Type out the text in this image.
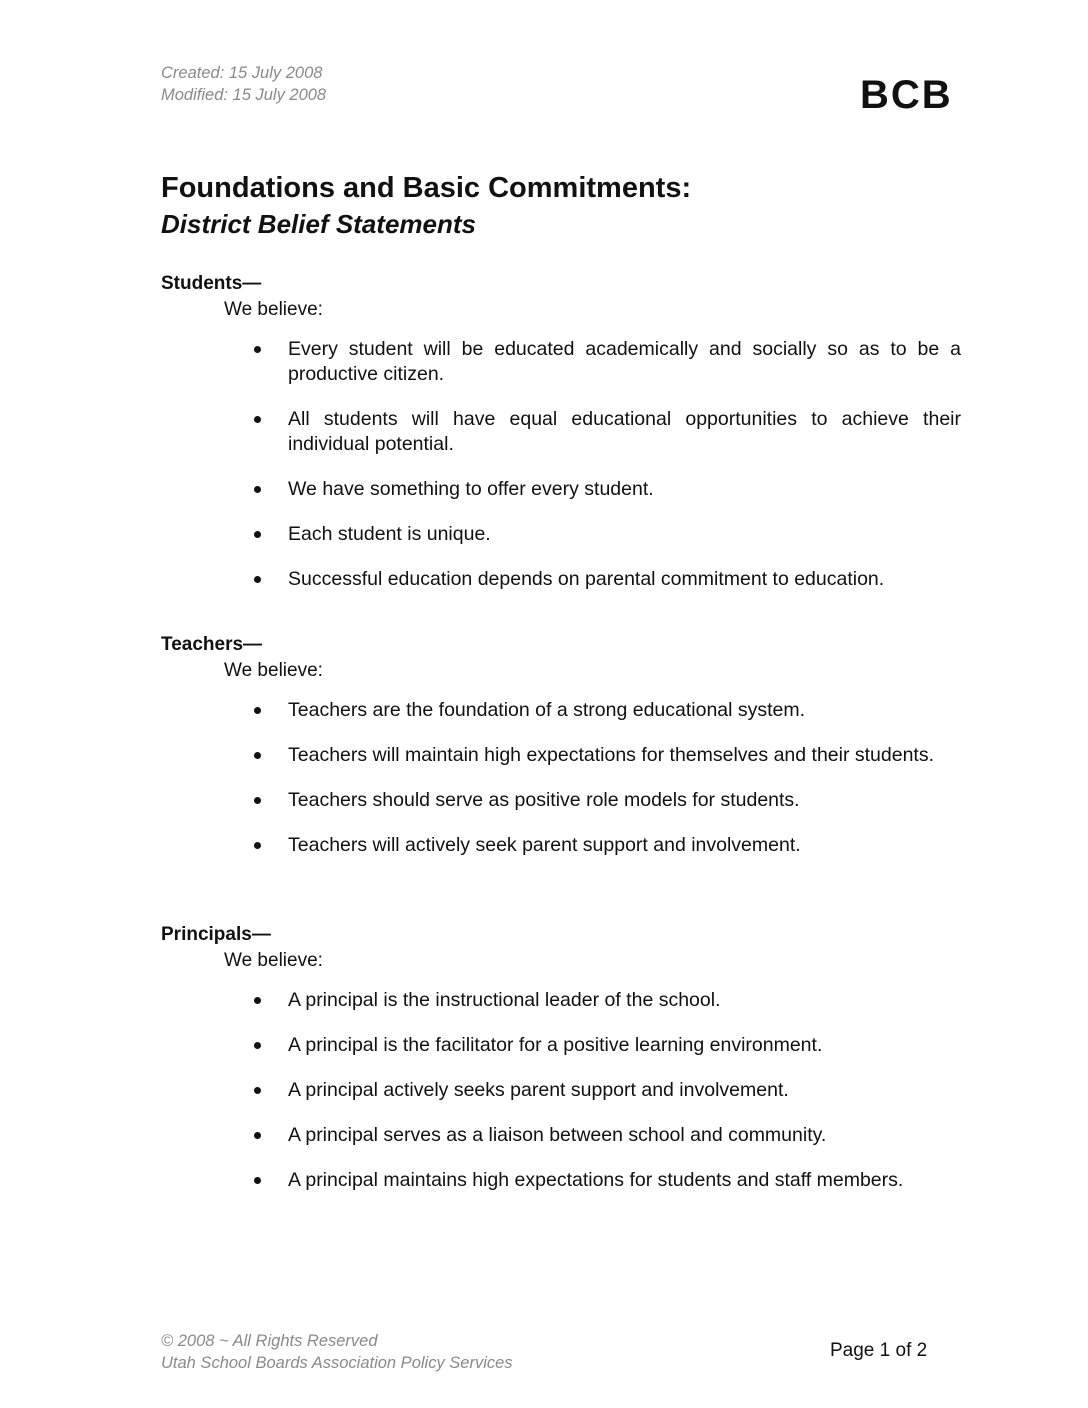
Created: 15 July 2008
Modified: 15 July 2008	BCB
Foundations and Basic Commitments:
District Belief Statements
Students—
We believe:
Every student will be educated academically and socially so as to be a productive citizen.
All students will have equal educational opportunities to achieve their individual potential.
We have something to offer every student.
Each student is unique.
Successful education depends on parental commitment to education.
Teachers—
We believe:
Teachers are the foundation of a strong educational system.
Teachers will maintain high expectations for themselves and their students.
Teachers should serve as positive role models for students.
Teachers will actively seek parent support and involvement.
Principals—
We believe:
A principal is the instructional leader of the school.
A principal is the facilitator for a positive learning environment.
A principal actively seeks parent support and involvement.
A principal serves as a liaison between school and community.
A principal maintains high expectations for students and staff members.
© 2008 ~ All Rights Reserved
Utah School Boards Association Policy Services
Page 1 of 2
